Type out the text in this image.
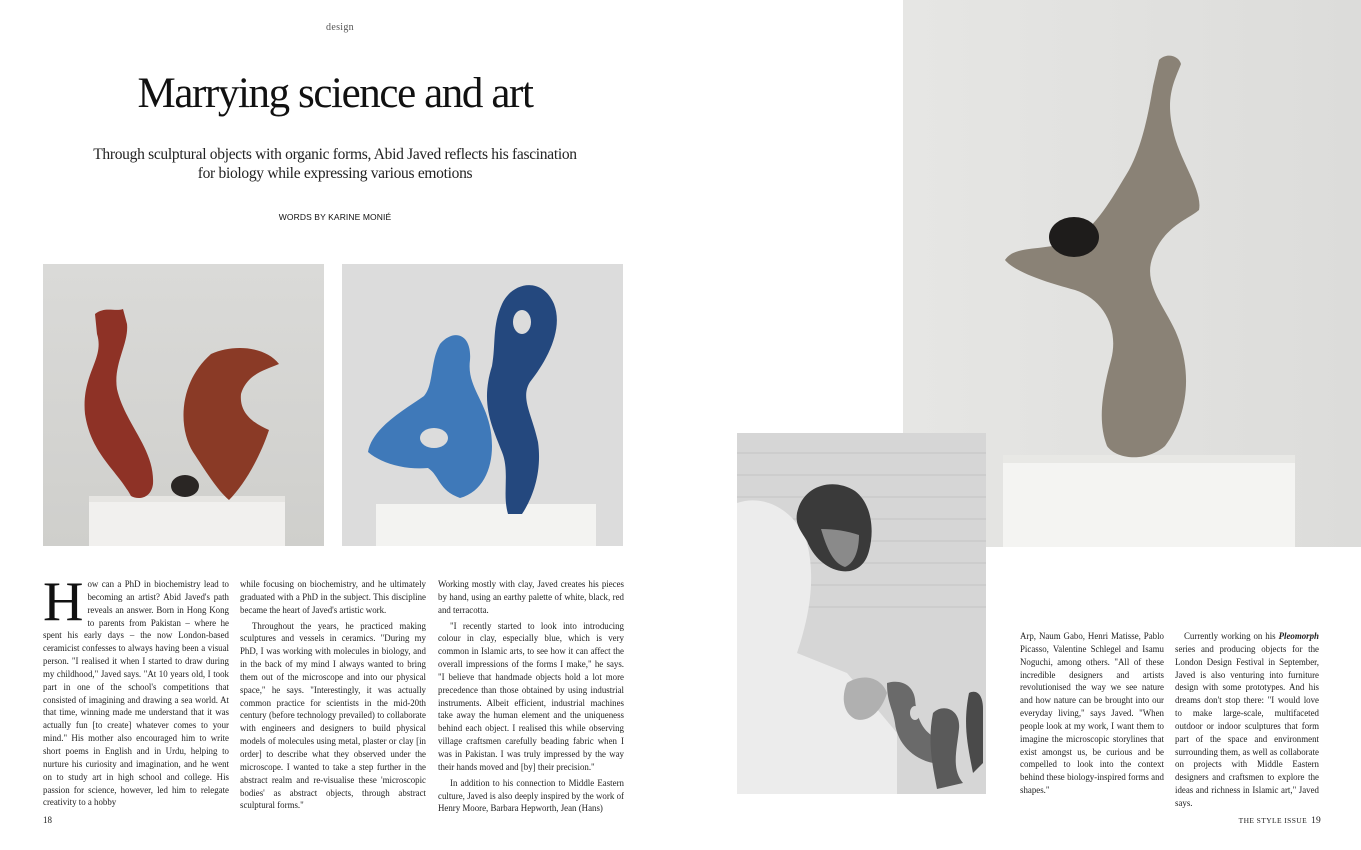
design
Marrying science and art
Through sculptural objects with organic forms, Abid Javed reflects his fascination for biology while expressing various emotions
WORDS BY KARINE MONIÉ

How can a PhD in biochemistry lead to becoming an artist? Abid Javed's path reveals an answer. Born in Hong Kong to parents from Pakistan – where he spent his early days – the now London-based ceramicist confesses to always having been a visual person. "I realised it when I started to draw during my childhood," Javed says. "At 10 years old, I took part in one of the school's competitions that consisted of imagining and drawing a sea world. At that time, winning made me understand that it was actually fun [to create] whatever comes to your mind." His mother also encouraged him to write short poems in English and in Urdu, helping to nurture his curiosity and imagination, and he went on to study art in high school and college. His passion for science, however, led him to relegate creativity to a hobby

while focusing on biochemistry, and he ultimately graduated with a PhD in the subject. This discipline became the heart of Javed's artistic work.

Throughout the years, he practiced making sculptures and vessels in ceramics. "During my PhD, I was working with molecules in biology, and in the back of my mind I always wanted to bring them out of the microscope and into our physical space," he says. "Interestingly, it was actually common practice for scientists in the mid-20th century (before technology prevailed) to collaborate with engineers and designers to build physical models of molecules using metal, plaster or clay [in order] to describe what they observed under the microscope. I wanted to take a step further in the abstract realm and re-visualise these 'microscopic bodies' as abstract objects, through abstract sculptural forms."

Working mostly with clay, Javed creates his pieces by hand, using an earthy palette of white, black, red and terracotta.

"I recently started to look into introducing colour in clay, especially blue, which is very common in Islamic arts, to see how it can affect the overall impressions of the forms I make," he says. "I believe that handmade objects hold a lot more precedence than those obtained by using industrial instruments. Albeit efficient, industrial machines take away the human element and the uniqueness behind each object. I realised this while observing village craftsmen carefully beading fabric when I was in Pakistan. I was truly impressed by the way their hands moved and [by] their precision."

In addition to his connection to Middle Eastern culture, Javed is also deeply inspired by the work of Henry Moore, Barbara Hepworth, Jean (Hans)

Arp, Naum Gabo, Henri Matisse, Pablo Picasso, Valentine Schlegel and Isamu Noguchi, among others. "All of these incredible designers and artists revolutionised the way we see nature and how nature can be brought into our everyday living," says Javed. "When people look at my work, I want them to imagine the microscopic storylines that exist amongst us, be curious and be compelled to look into the context behind these biology-inspired forms and shapes."

Currently working on his Pleomorph series and producing objects for the London Design Festival in September, Javed is also venturing into furniture design with some prototypes. And his dreams don't stop there: "I would love to make large-scale, multifaceted outdoor or indoor sculptures that form part of the space and environment surrounding them, as well as collaborate on projects with Middle Eastern designers and craftsmen to explore the ideas and richness in Islamic art," Javed says.

18	THE STYLE ISSUE 19
